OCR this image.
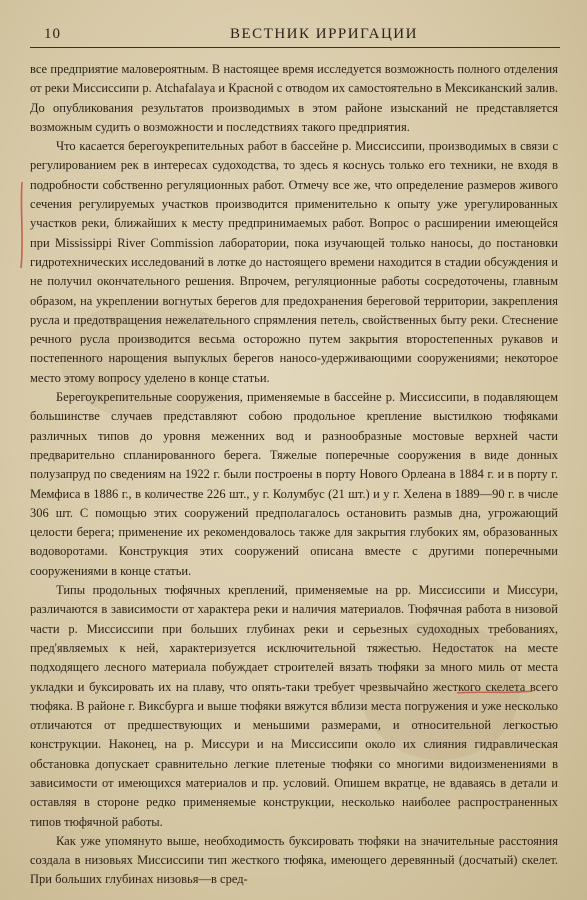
10	ВЕСТНИК ИРРИГАЦИИ

все предприятие маловероятным. В настоящее время исследуется возможность полного отделения от реки Миссиссипи р. Atchafalaya и Красной с отводом их самостоятельно в Мексиканский залив. До опубликования результатов производимых в этом районе изысканий не представляется возможным судить о возможности и последствиях такого предприятия.

Что касается берегоукрепительных работ в бассейне р. Миссиссипи, производимых в связи с регулированием рек в интересах судоходства, то здесь я коснусь только его техники, не входя в подробности собственно регуляционных работ. Отмечу все же, что определение размеров живого сечения регулируемых участков производится применительно к опыту уже урегулированных участков реки, ближайших к месту предпринимаемых работ. Вопрос о расширении имеющейся при Mississippi River Commission лаборатории, пока изучающей только наносы, до постановки гидротехнических исследований в лотке до настоящего времени находится в стадии обсуждения и не получил окончательного решения. Впрочем, регуляционные работы сосредоточены, главным образом, на укреплении вогнутых берегов для предохранения береговой территории, закрепления русла и предотвращения нежелательного спрямления петель, свойственных быту реки. Стеснение речного русла производится весьма осторожно путем закрытия второстепенных рукавов и постепенного нарощения выпуклых берегов наносо-удерживающими сооружениями; некоторое место этому вопросу уделено в конце статьи.

Берегоукрепительные сооружения, применяемые в бассейне р. Миссиссипи, в подавляющем большинстве случаев представляют собою продольное крепление выстилкою тюфяками различных типов до уровня меженних вод и разнообразные мостовые верхней части предварительно спланированного берега. Тяжелые поперечные сооружения в виде донных полузапруд по сведениям на 1922 г. были построены в порту Нового Орлеана в 1884 г. и в порту г. Мемфиса в 1886 г., в количестве 226 шт., у г. Колумбус (21 шт.) и у г. Хелена в 1889—90 г. в числе 306 шт. С помощью этих сооружений предполагалось остановить размыв дна, угрожающий целости берега; применение их рекомендовалось также для закрытия глубоких ям, образованных водоворотами. Конструкция этих сооружений описана вместе с другими поперечными сооружениями в конце статьи.

Типы продольных тюфячных креплений, применяемые на рр. Миссиссипи и Миссури, различаются в зависимости от характера реки и наличия материалов. Тюфячная работа в низовой части р. Миссиссипи при больших глубинах реки и серьезных судоходных требованиях, пред'являемых к ней, характеризуется исключительной тяжестью. Недостаток на месте подходящего лесного материала побуждает строителей вязать тюфяки за много миль от места укладки и буксировать их на плаву, что опять-таки требует чрезвычайно жесткого скелета всего тюфяка. В районе г. Виксбурга и выше тюфяки вяжутся вблизи места погружения и уже несколько отличаются от предшествующих и меньшими размерами, и относительной легкостью конструкции. Наконец, на р. Миссури и на Миссиссипи около их слияния гидравлическая обстановка допускает сравнительно легкие плетеные тюфяки со многими видоизменениями в зависимости от имеющихся материалов и пр. условий. Опишем вкратце, не вдаваясь в детали и оставляя в стороне редко применяемые конструкции, несколько наиболее распространенных типов тюфячной работы.

Как уже упомянуто выше, необходимость буксировать тюфяки на значительные расстояния создала в низовьях Миссиссипи тип жесткого тюфяка, имеющего деревянный (досчатый) скелет. При больших глубинах низовья—в сред-
